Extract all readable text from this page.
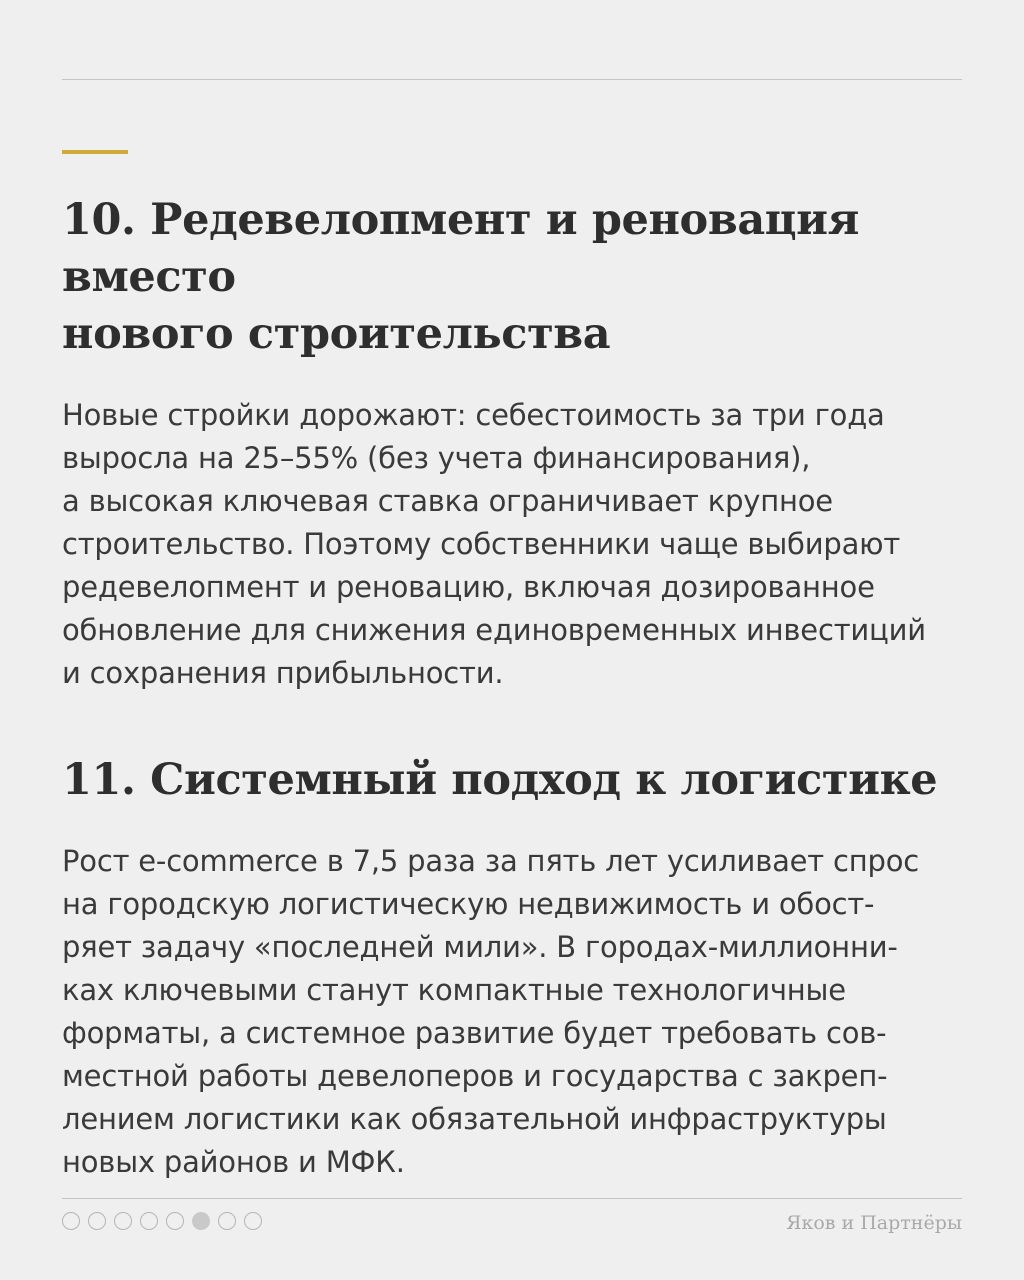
10. Редевелопмент и реновация вместо
нового строительства

Новые стройки дорожают: себестоимость за три года
выросла на 25–55% (без учета финансирования),
а высокая ключевая ставка ограничивает крупное
строительство. Поэтому собственники чаще выбирают
редевелопмент и реновацию, включая дозированное
обновление для снижения единовременных инвестиций
и сохранения прибыльности.

11. Системный подход к логистике

Рост e-commerce в 7,5 раза за пять лет усиливает спрос
на городскую логистическую недвижимость и обост-
ряет задачу «последней мили». В городах-миллионни-
ках ключевыми станут компактные технологичные
форматы, а системное развитие будет требовать сов-
местной работы девелоперов и государства с закреп-
лением логистики как обязательной инфраструктуры
новых районов и МФК.

Яков и Партнёры
